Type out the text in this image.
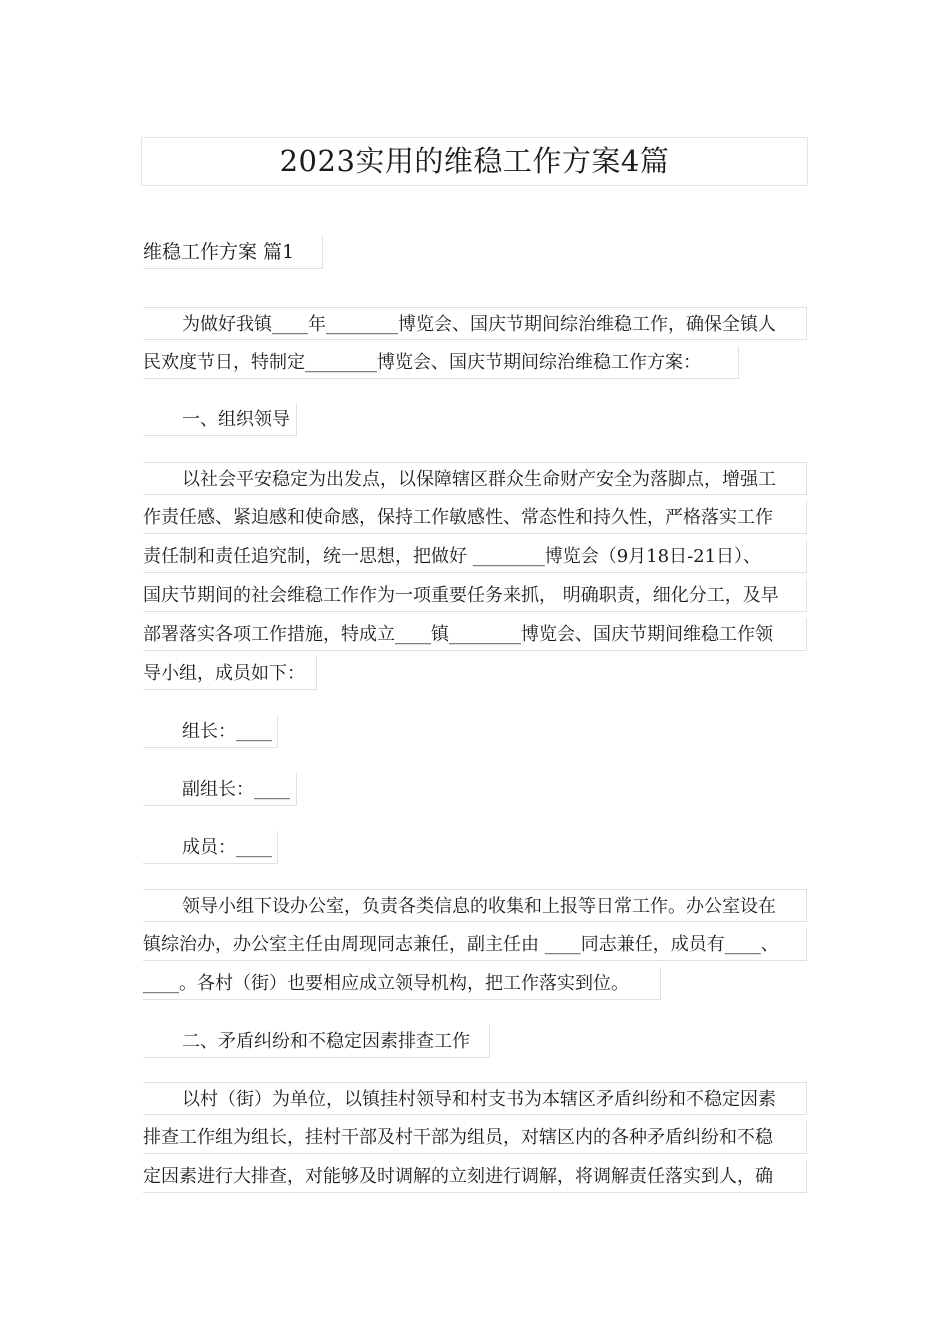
2023实用的维稳工作方案4篇
维稳工作方案 篇1
为做好我镇____年________博览会、国庆节期间综治维稳工作，确保全镇人
民欢度节日，特制定________博览会、国庆节期间综治维稳工作方案：
一、组织领导
以社会平安稳定为出发点，以保障辖区群众生命财产安全为落脚点，增强工
作责任感、紧迫感和使命感，保持工作敏感性、常态性和持久性，严格落实工作
责任制和责任追究制，统一思想，把做好 ________博览会（9月18日-21日）、
国庆节期间的社会维稳工作作为一项重要任务来抓， 明确职责，细化分工，及早
部署落实各项工作措施，特成立____镇________博览会、国庆节期间维稳工作领
导小组，成员如下：
组长：____
副组长：____
成员：____
领导小组下设办公室，负责各类信息的收集和上报等日常工作。办公室设在
镇综治办，办公室主任由周现同志兼任，副主任由 ____同志兼任，成员有____、
____。各村（街）也要相应成立领导机构，把工作落实到位。
二、矛盾纠纷和不稳定因素排查工作
以村（街）为单位，以镇挂村领导和村支书为本辖区矛盾纠纷和不稳定因素
排查工作组为组长，挂村干部及村干部为组员，对辖区内的各种矛盾纠纷和不稳
定因素进行大排查，对能够及时调解的立刻进行调解，将调解责任落实到人，确
